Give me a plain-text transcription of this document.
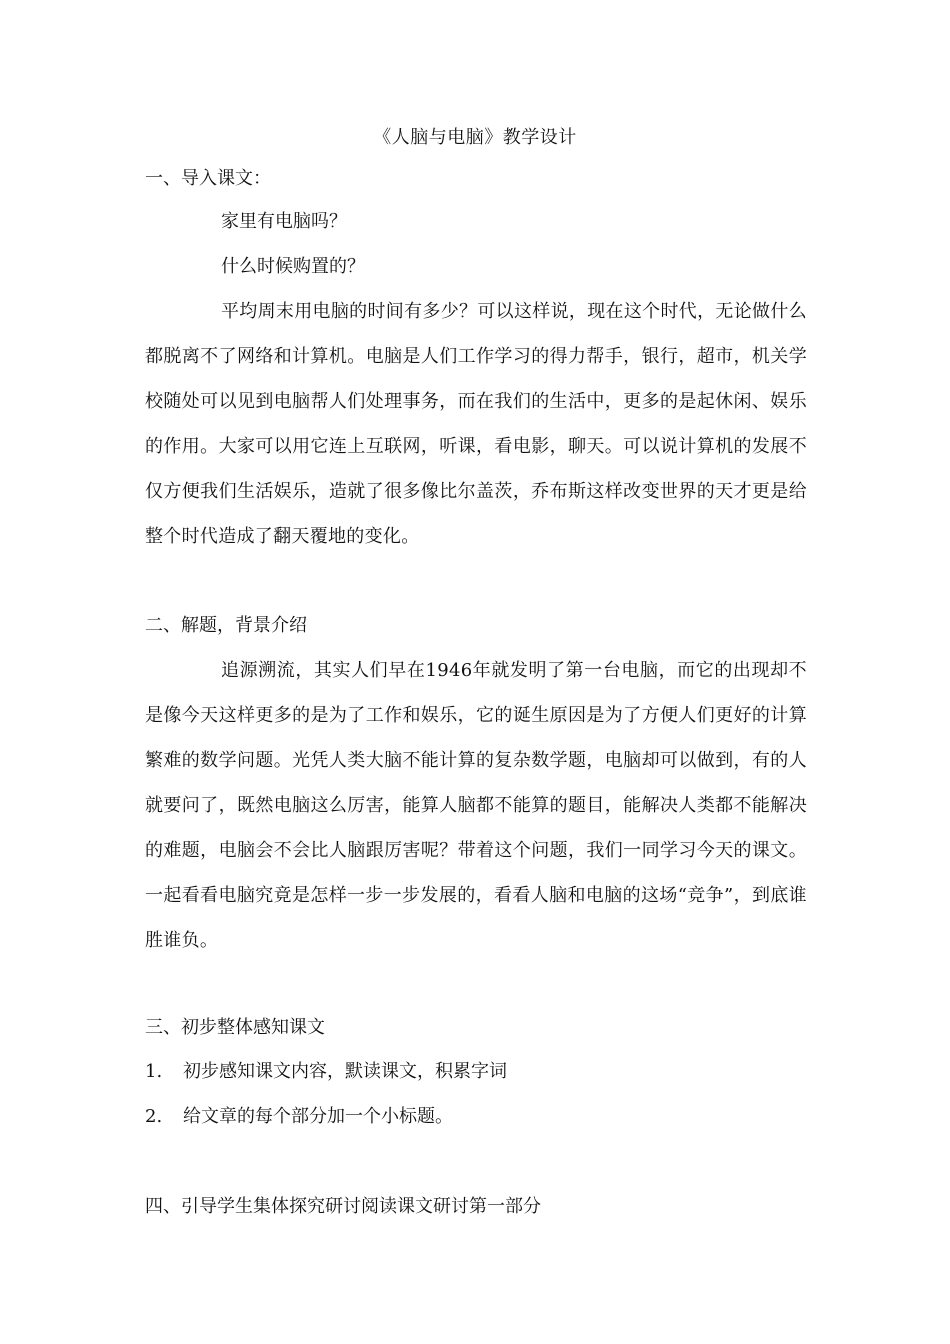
《人脑与电脑》教学设计
一、导入课文：
家里有电脑吗？
什么时候购置的？
平均周末用电脑的时间有多少？可以这样说，现在这个时代，无论做什么都脱离不了网络和计算机。电脑是人们工作学习的得力帮手，银行，超市，机关学校随处可以见到电脑帮人们处理事务，而在我们的生活中，更多的是起休闲、娱乐的作用。大家可以用它连上互联网，听课，看电影，聊天。可以说计算机的发展不仅方便我们生活娱乐，造就了很多像比尔盖茨，乔布斯这样改变世界的天才更是给整个时代造成了翻天覆地的变化。
二、解题，背景介绍
追源溯流，其实人们早在1946年就发明了第一台电脑，而它的出现却不是像今天这样更多的是为了工作和娱乐，它的诞生原因是为了方便人们更好的计算繁难的数学问题。光凭人类大脑不能计算的复杂数学题，电脑却可以做到，有的人就要问了，既然电脑这么厉害，能算人脑都不能算的题目，能解决人类都不能解决的难题，电脑会不会比人脑跟厉害呢？带着这个问题，我们一同学习今天的课文。一起看看电脑究竟是怎样一步一步发展的，看看人脑和电脑的这场“竞争”，到底谁胜谁负。
三、初步整体感知课文
1. 初步感知课文内容，默读课文，积累字词
2. 给文章的每个部分加一个小标题。
四、引导学生集体探究研讨阅读课文研讨第一部分
